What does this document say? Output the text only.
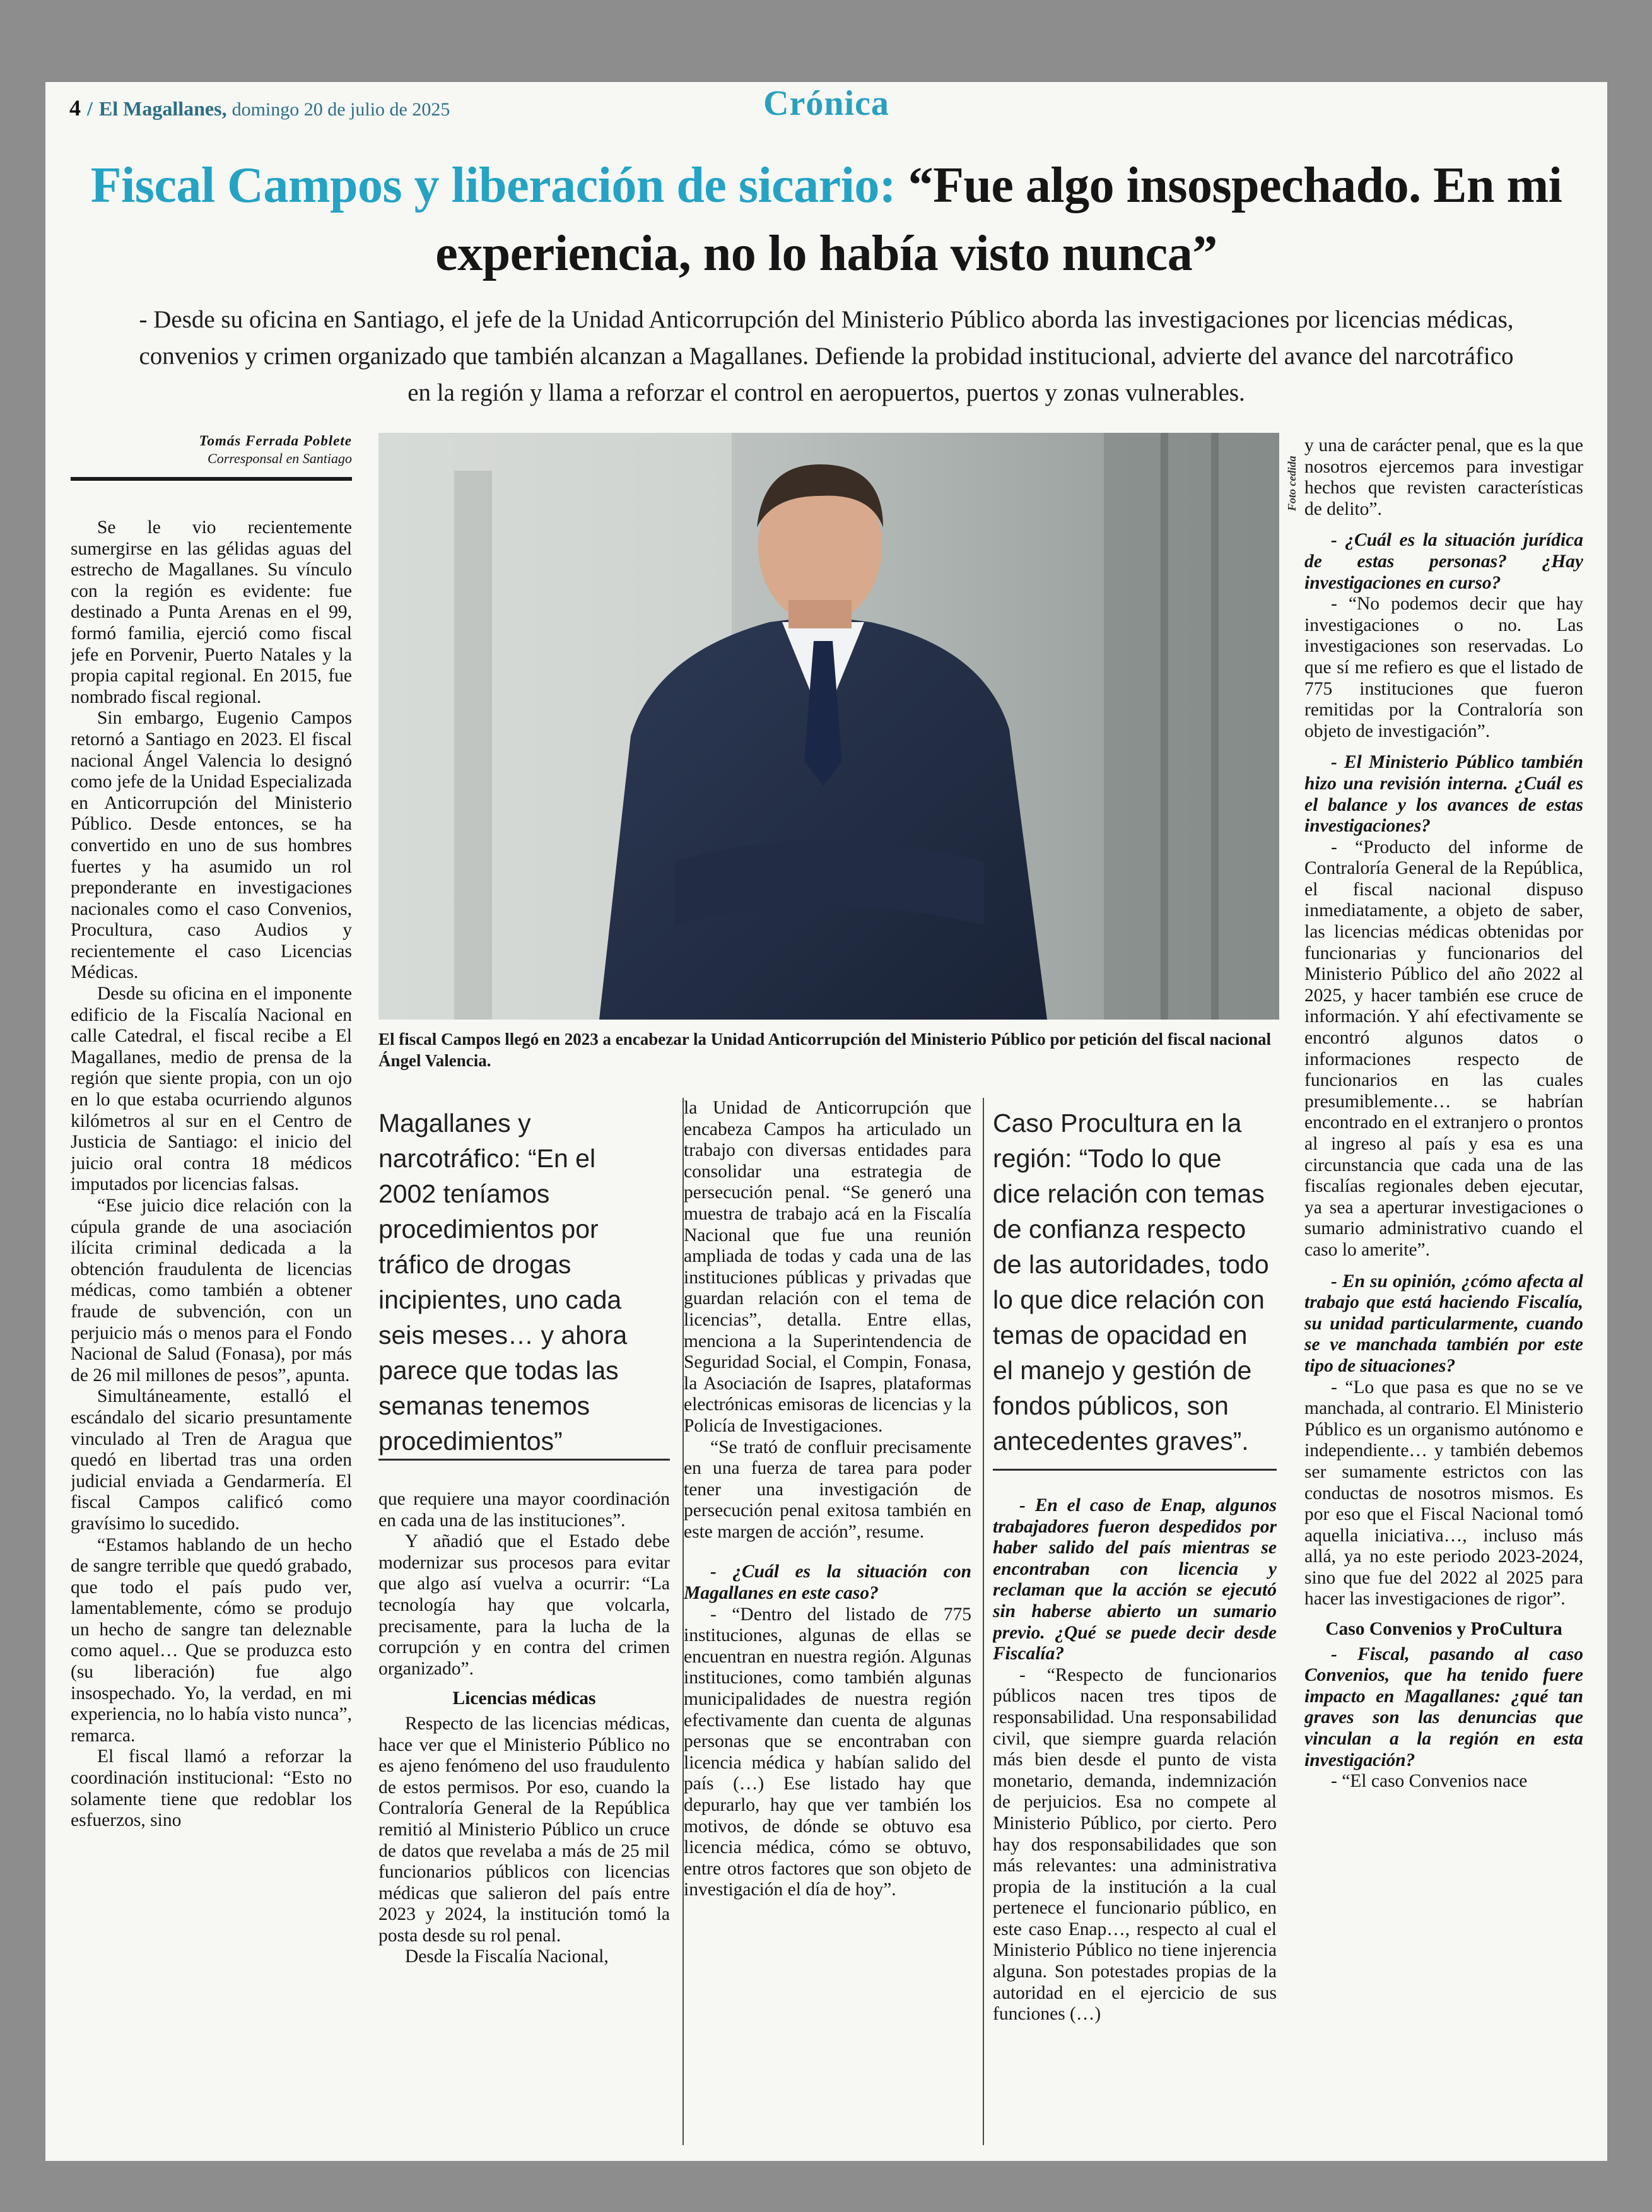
4 / El Magallanes, domingo 20 de julio de 2025	Crónica
Fiscal Campos y liberación de sicario: “Fue algo insospechado. En mi experiencia, no lo había visto nunca”
- Desde su oficina en Santiago, el jefe de la Unidad Anticorrupción del Ministerio Público aborda las investigaciones por licencias médicas, convenios y crimen organizado que también alcanzan a Magallanes. Defiende la probidad institucional, advierte del avance del narcotráfico en la región y llama a reforzar el control en aeropuertos, puertos y zonas vulnerables.
Tomás Ferrada Poblete
Corresponsal en Santiago

Se le vio recientemente sumergirse en las gélidas aguas del estrecho de Magallanes. Su vínculo con la región es evidente: fue destinado a Punta Arenas en el 99, formó familia, ejerció como fiscal jefe en Porvenir, Puerto Natales y la propia capital regional. En 2015, fue nombrado fiscal regional.

Sin embargo, Eugenio Campos retornó a Santiago en 2023. El fiscal nacional Ángel Valencia lo designó como jefe de la Unidad Especializada en Anticorrupción del Ministerio Público. Desde entonces, se ha convertido en uno de sus hombres fuertes y ha asumido un rol preponderante en investigaciones nacionales como el caso Convenios, Procultura, caso Audios y recientemente el caso Licencias Médicas.

Desde su oficina en el imponente edificio de la Fiscalía Nacional en calle Catedral, el fiscal recibe a El Magallanes, medio de prensa de la región que siente propia, con un ojo en lo que estaba ocurriendo algunos kilómetros al sur en el Centro de Justicia de Santiago: el inicio del juicio oral contra 18 médicos imputados por licencias falsas.

“Ese juicio dice relación con la cúpula grande de una asociación ilícita criminal dedicada a la obtención fraudulenta de licencias médicas, como también a obtener fraude de subvención, con un perjuicio más o menos para el Fondo Nacional de Salud (Fonasa), por más de 26 mil millones de pesos”, apunta.

Simultáneamente, estalló el escándalo del sicario presuntamente vinculado al Tren de Aragua que quedó en libertad tras una orden judicial enviada a Gendarmería. El fiscal Campos calificó como gravísimo lo sucedido.

“Estamos hablando de un hecho de sangre terrible que quedó grabado, que todo el país pudo ver, lamentablemente, cómo se produjo un hecho de sangre tan deleznable como aquel… Que se produzca esto (su liberación) fue algo insospechado. Yo, la verdad, en mi experiencia, no lo había visto nunca”, remarca.

El fiscal llamó a reforzar la coordinación institucional: “Esto no solamente tiene que redoblar los esfuerzos, sino

Foto cedida
El fiscal Campos llegó en 2023 a encabezar la Unidad Anticorrupción del Ministerio Público por petición del fiscal nacional Ángel Valencia.
Magallanes y narcotráfico: “En el 2002 teníamos procedimientos por tráfico de drogas incipientes, uno cada seis meses… y ahora parece que todas las semanas tenemos procedimientos”

que requiere una mayor coordinación en cada una de las instituciones”.

Y añadió que el Estado debe modernizar sus procesos para evitar que algo así vuelva a ocurrir: “La tecnología hay que volcarla, precisamente, para la lucha de la corrupción y en contra del crimen organizado”.

Licencias médicas

Respecto de las licencias médicas, hace ver que el Ministerio Público no es ajeno fenómeno del uso fraudulento de estos permisos. Por eso, cuando la Contraloría General de la República remitió al Ministerio Público un cruce de datos que revelaba a más de 25 mil funcionarios públicos con licencias médicas que salieron del país entre 2023 y 2024, la institución tomó la posta desde su rol penal.

Desde la Fiscalía Nacional,

la Unidad de Anticorrupción que encabeza Campos ha articulado un trabajo con diversas entidades para consolidar una estrategia de persecución penal. “Se generó una muestra de trabajo acá en la Fiscalía Nacional que fue una reunión ampliada de todas y cada una de las instituciones públicas y privadas que guardan relación con el tema de licencias”, detalla. Entre ellas, menciona a la Superintendencia de Seguridad Social, el Compin, Fonasa, la Asociación de Isapres, plataformas electrónicas emisoras de licencias y la Policía de Investigaciones.

“Se trató de confluir precisamente en una fuerza de tarea para poder tener una investigación de persecución penal exitosa también en este margen de acción”, resume.

- ¿Cuál es la situación con Magallanes en este caso?

- “Dentro del listado de 775 instituciones, algunas de ellas se encuentran en nuestra región. Algunas instituciones, como también algunas municipalidades de nuestra región efectivamente dan cuenta de algunas personas que se encontraban con licencia médica y habían salido del país (…) Ese listado hay que depurarlo, hay que ver también los motivos, de dónde se obtuvo esa licencia médica, cómo se obtuvo, entre otros factores que son objeto de investigación el día de hoy”.

Caso Procultura en la región: “Todo lo que dice relación con temas de confianza respecto de las autoridades, todo lo que dice relación con temas de opacidad en el manejo y gestión de fondos públicos, son antecedentes graves”.

- En el caso de Enap, algunos trabajadores fueron despedidos por haber salido del país mientras se encontraban con licencia y reclaman que la acción se ejecutó sin haberse abierto un sumario previo. ¿Qué se puede decir desde Fiscalía?

- “Respecto de funcionarios públicos nacen tres tipos de responsabilidad. Una responsabilidad civil, que siempre guarda relación más bien desde el punto de vista monetario, demanda, indemnización de perjuicios. Esa no compete al Ministerio Público, por cierto. Pero hay dos responsabilidades que son más relevantes: una administrativa propia de la institución a la cual pertenece el funcionario público, en este caso Enap…, respecto al cual el Ministerio Público no tiene injerencia alguna. Son potestades propias de la autoridad en el ejercicio de sus funciones (…)

y una de carácter penal, que es la que nosotros ejercemos para investigar hechos que revisten características de delito”.

- ¿Cuál es la situación jurídica de estas personas? ¿Hay investigaciones en curso?

- “No podemos decir que hay investigaciones o no. Las investigaciones son reservadas. Lo que sí me refiero es que el listado de 775 instituciones que fueron remitidas por la Contraloría son objeto de investigación”.

- El Ministerio Público también hizo una revisión interna. ¿Cuál es el balance y los avances de estas investigaciones?

- “Producto del informe de Contraloría General de la República, el fiscal nacional dispuso inmediatamente, a objeto de saber, las licencias médicas obtenidas por funcionarias y funcionarios del Ministerio Público del año 2022 al 2025, y hacer también ese cruce de información. Y ahí efectivamente se encontró algunos datos o informaciones respecto de funcionarios en las cuales presumiblemente… se habrían encontrado en el extranjero o prontos al ingreso al país y esa es una circunstancia que cada una de las fiscalías regionales deben ejecutar, ya sea a aperturar investigaciones o sumario administrativo cuando el caso lo amerite”.

- En su opinión, ¿cómo afecta al trabajo que está haciendo Fiscalía, su unidad particularmente, cuando se ve manchada también por este tipo de situaciones?

- “Lo que pasa es que no se ve manchada, al contrario. El Ministerio Público es un organismo autónomo e independiente… y también debemos ser sumamente estrictos con las conductas de nosotros mismos. Es por eso que el Fiscal Nacional tomó aquella iniciativa…, incluso más allá, ya no este periodo 2023-2024, sino que fue del 2022 al 2025 para hacer las investigaciones de rigor”.

Caso Convenios y ProCultura

- Fiscal, pasando al caso Convenios, que ha tenido fuere impacto en Magallanes: ¿qué tan graves son las denuncias que vinculan a la región en esta investigación?

- “El caso Convenios nace
